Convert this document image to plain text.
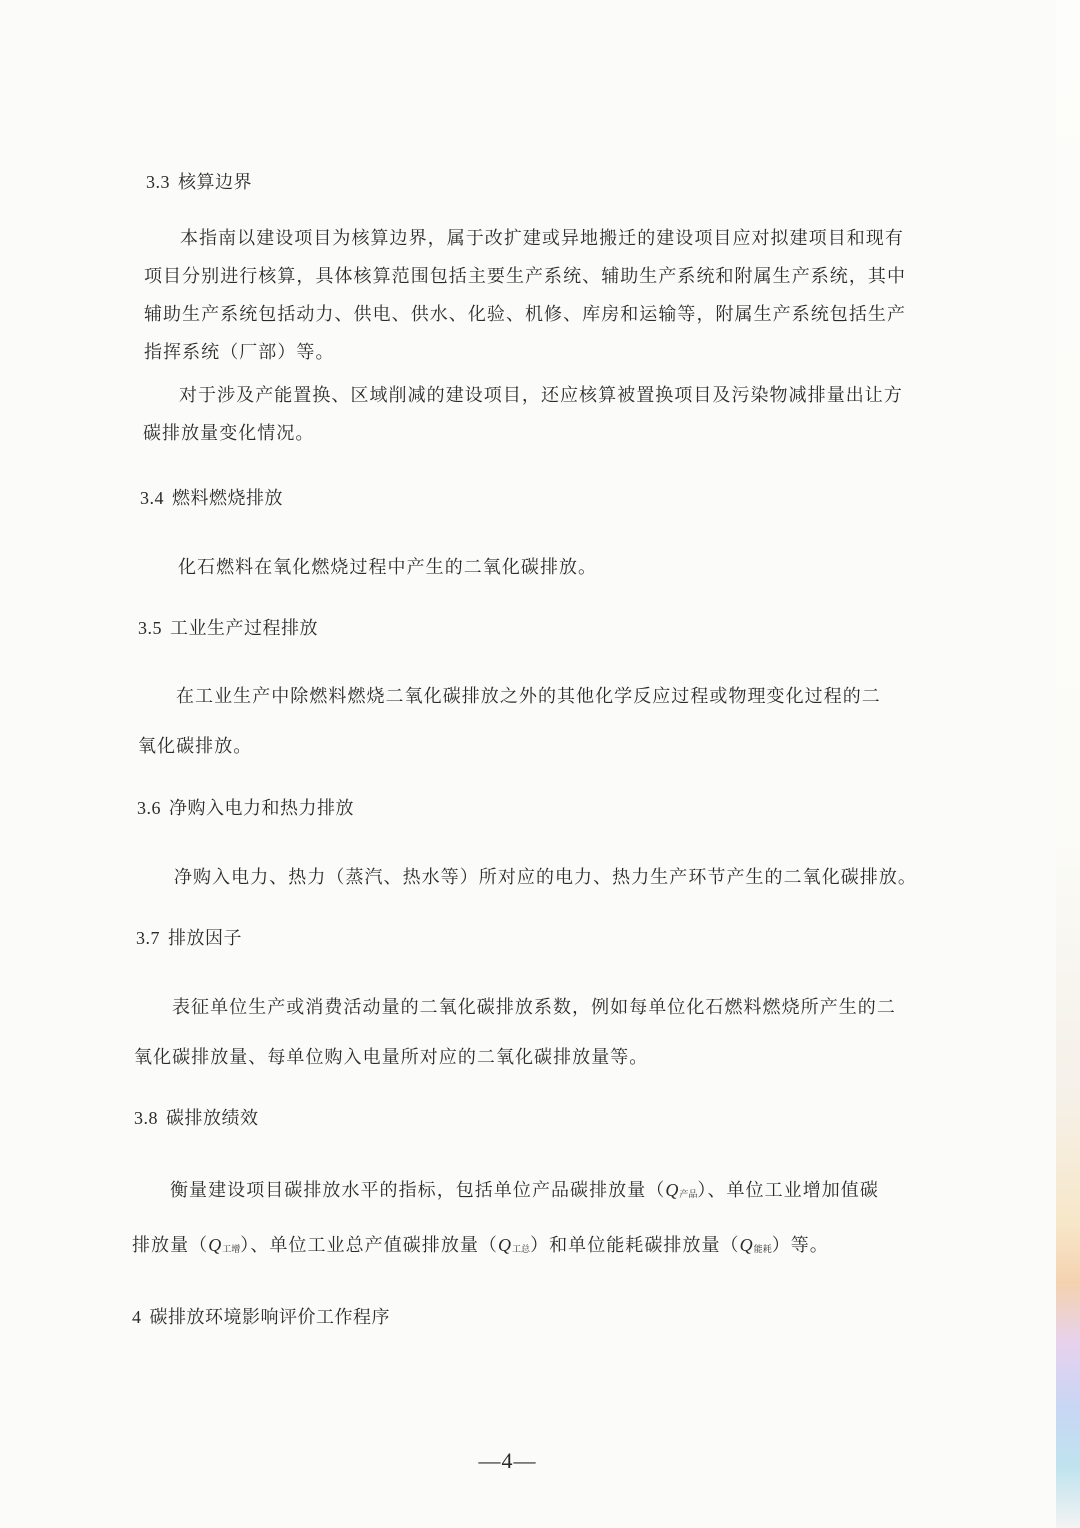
3.3 核算边界
本指南以建设项目为核算边界，属于改扩建或异地搬迁的建设项目应对拟建项目和现有
项目分别进行核算，具体核算范围包括主要生产系统、辅助生产系统和附属生产系统，其中
辅助生产系统包括动力、供电、供水、化验、机修、库房和运输等，附属生产系统包括生产
指挥系统（厂部）等。
对于涉及产能置换、区域削减的建设项目，还应核算被置换项目及污染物减排量出让方
碳排放量变化情况。
3.4 燃料燃烧排放
化石燃料在氧化燃烧过程中产生的二氧化碳排放。
3.5 工业生产过程排放
在工业生产中除燃料燃烧二氧化碳排放之外的其他化学反应过程或物理变化过程的二
氧化碳排放。
3.6 净购入电力和热力排放
净购入电力、热力（蒸汽、热水等）所对应的电力、热力生产环节产生的二氧化碳排放。
3.7 排放因子
表征单位生产或消费活动量的二氧化碳排放系数，例如每单位化石燃料燃烧所产生的二
氧化碳排放量、每单位购入电量所对应的二氧化碳排放量等。
3.8 碳排放绩效
衡量建设项目碳排放水平的指标，包括单位产品碳排放量（Q产品）、单位工业增加值碳
排放量（Q工增）、单位工业总产值碳排放量（Q工总）和单位能耗碳排放量（Q能耗）等。
4 碳排放环境影响评价工作程序
—4—
